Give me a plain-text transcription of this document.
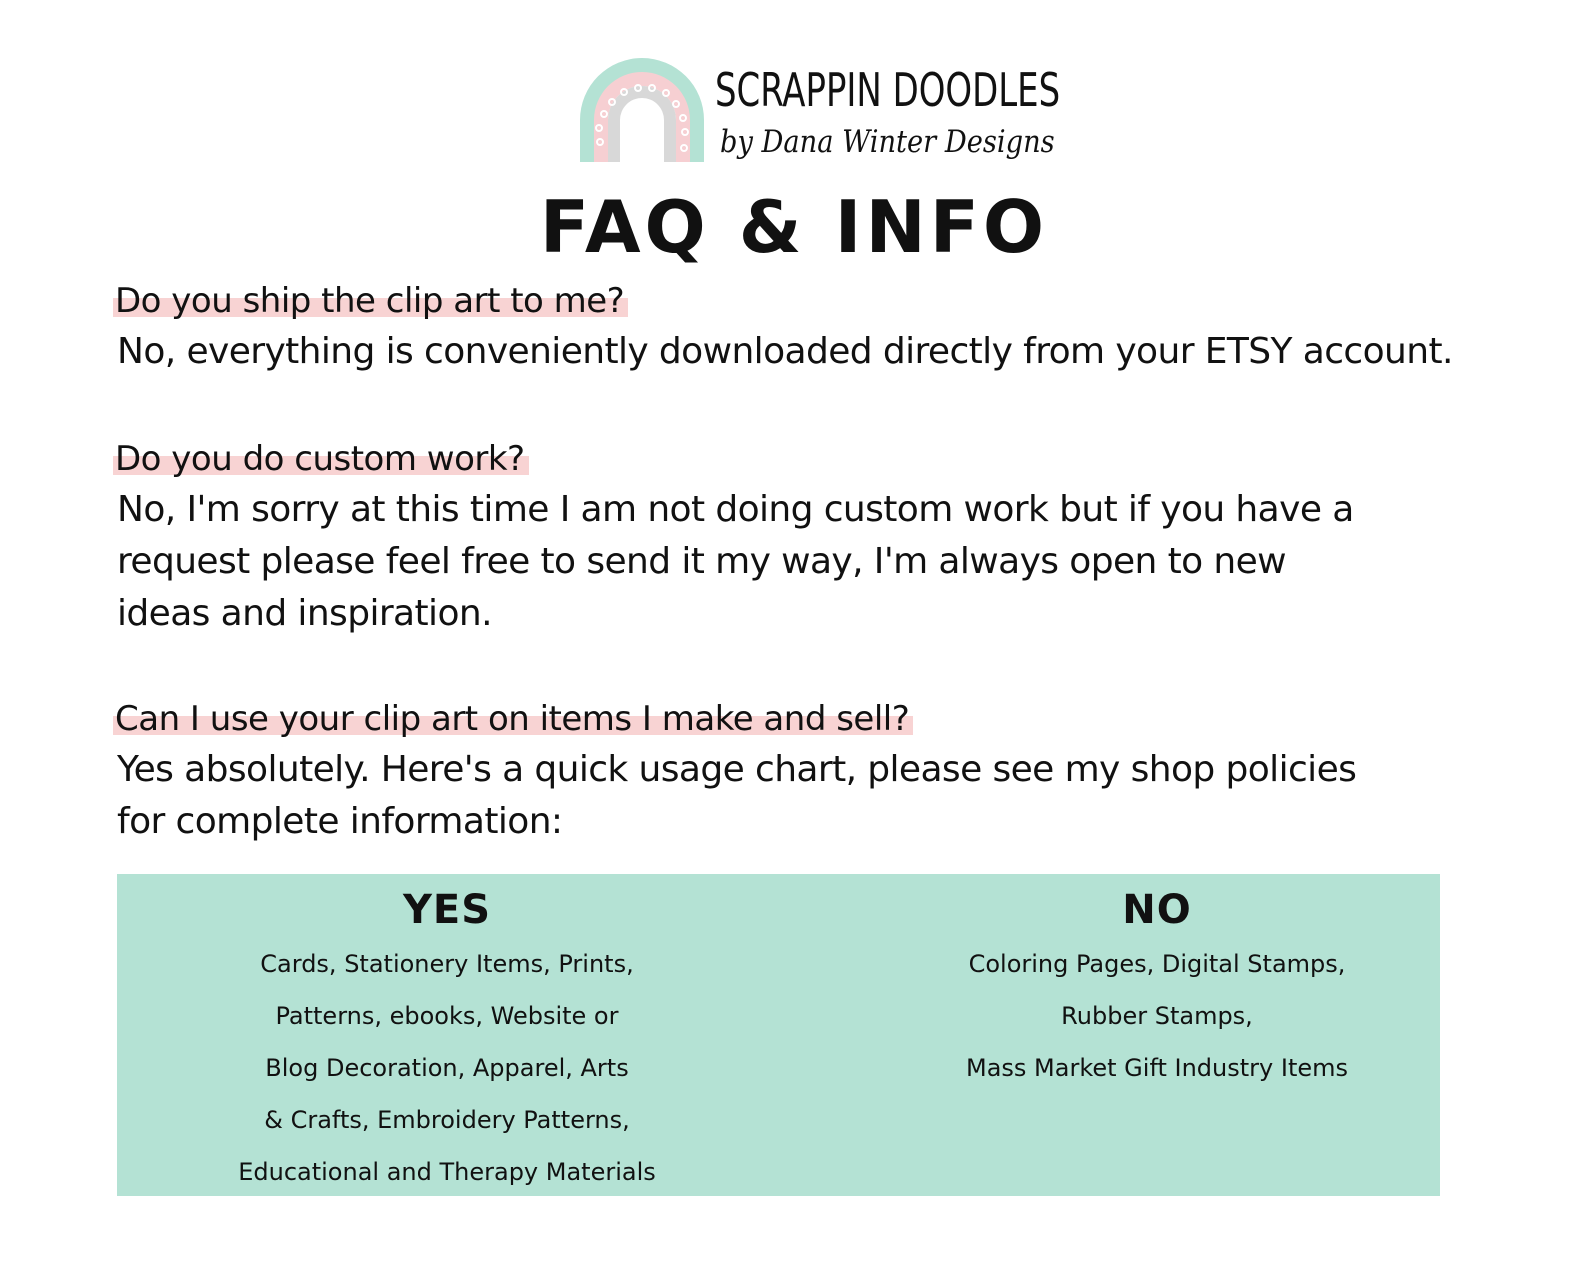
SCRAPPIN DOODLES
by Dana Winter Designs
FAQ & INFO
Do you ship the clip art to me?
No, everything is conveniently downloaded directly from your ETSY account.
Do you do custom work?
No, I'm sorry at this time I am not doing custom work but if you have a
request please feel free to send it my way, I'm always open to new
ideas and inspiration.
Can I use your clip art on items I make and sell?
Yes absolutely. Here's a quick usage chart, please see my shop policies
for complete information:
YES
Cards, Stationery Items, Prints,
Patterns, ebooks, Website or
Blog Decoration, Apparel, Arts
& Crafts, Embroidery Patterns,
Educational and Therapy Materials
NO
Coloring Pages, Digital Stamps,
Rubber Stamps,
Mass Market Gift Industry Items
